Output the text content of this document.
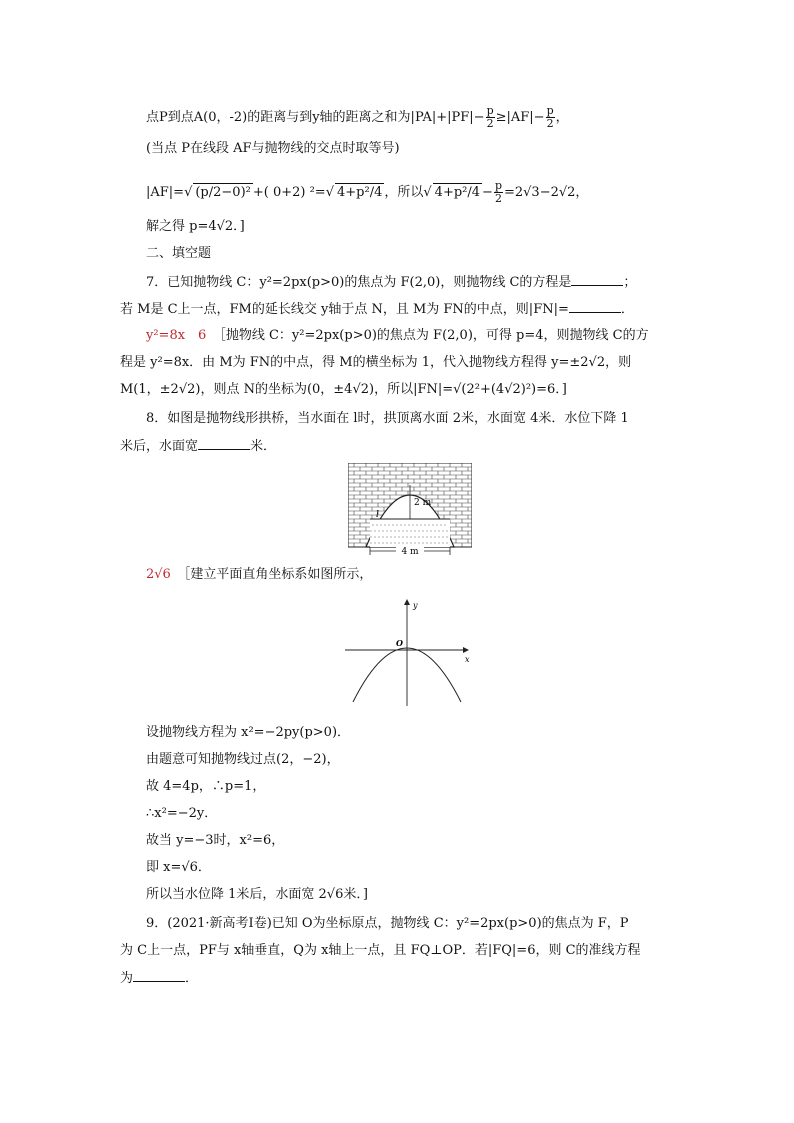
点P到点A(0，-2)的距离与到y轴的距离之和为$|PA|+|PF|- \frac{p}{2} \ge|AF|- \frac{p}{2}$ ，
(当点 P在线段 AF与抛物线的交点时取等号)
|AF|=√ (p/2−0)² +( 0+2) ²=√ 4+p²/4 ，所以√ $4+p^2/4 - \frac{p}{2} =2√3-2√2$，
解之得 p=4√2．]
二、填空题
7．已知抛物线 C：y²=2px(p>0)的焦点为 F(2,0)，则抛物线 C的方程是	；
若 M是 C上一点，FM的延长线交 y轴于点 N，且 M为 FN的中点，则|FN|=	．
y²=8x　6　 ［抛物线 C：y²=2px(p>0)的焦点为 F(2,0)，可得 p=4，则抛物线 C的方
程是 y²=8x．由 M为 FN的中点，得 M的横坐标为 1，代入抛物线方程得 y=±2√2，则
M(1，±2√2)，则点 N的坐标为(0，±4√2)，所以|FN|=√(2²+(4√2)²)=6．]
8．如图是抛物线形拱桥，当水面在 l时，拱顶离水面 2米，水面宽 4米．水位下降 1
米后，水面宽	米．
2 m
l
4 m
2√6　 ［建立平面直角坐标系如图所示，
y
x
O
设抛物线方程为 x²=−2py(p>0)．
由题意可知抛物线过点(2，−2)，
故 4=4p，∴p=1，
∴x²=−2y．
故当 y=−3时，x²=6，
即 x=√6．
所以当水位降 1米后，水面宽 2√6米．]
9．(2021·新高考Ⅰ卷)已知 O为坐标原点，抛物线 C：y²=2px(p>0)的焦点为 F，P
为 C上一点，PF与 x轴垂直，Q为 x轴上一点，且 FQ⊥OP．若|FQ|=6，则 C的准线方程
为	．
